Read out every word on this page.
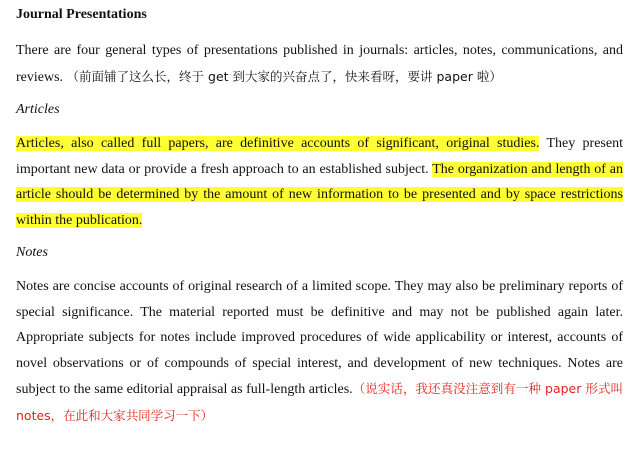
Journal Presentations

There are four general types of presentations published in journals: articles, notes, communications, and reviews. （前面铺了这么长，终于 get 到大家的兴奋点了，快来看呀，要讲 paper 啦）

Articles

Articles, also called full papers, are definitive accounts of significant, original studies. They present important new data or provide a fresh approach to an established subject. The organization and length of an article should be determined by the amount of new information to be presented and by space restrictions within the publication.

Notes

Notes are concise accounts of original research of a limited scope. They may also be preliminary reports of special significance. The material reported must be definitive and may not be published again later. Appropriate subjects for notes include improved procedures of wide applicability or interest, accounts of novel observations or of compounds of special interest, and development of new techniques. Notes are subject to the same editorial appraisal as full-length articles.（说实话，我还真没注意到有一种 paper 形式叫 notes，在此和大家共同学习一下）
